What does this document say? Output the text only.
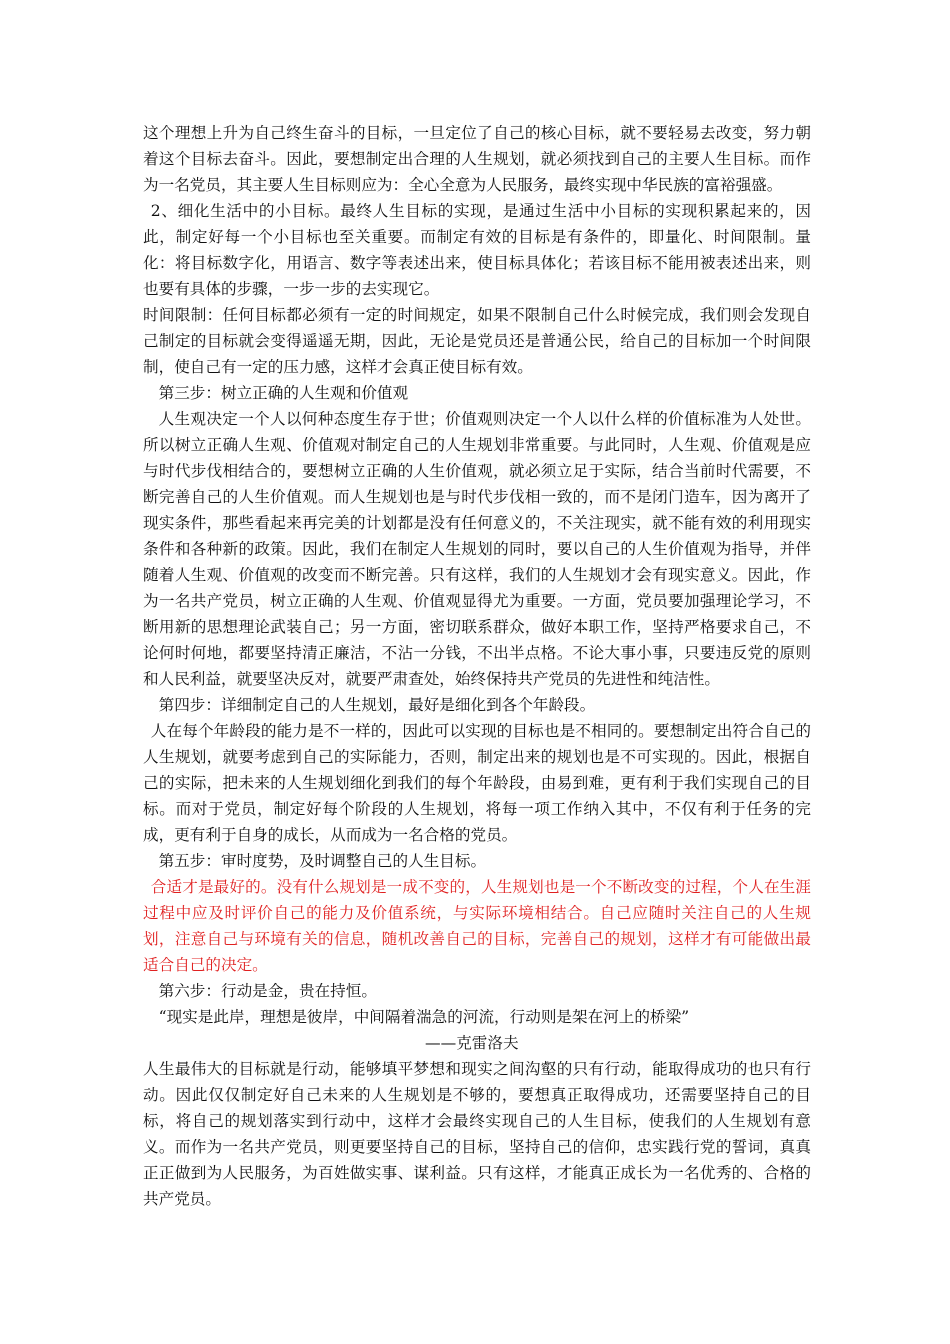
这个理想上升为自己终生奋斗的目标，一旦定位了自己的核心目标，就不要轻易去改变，努力朝着这个目标去奋斗。因此，要想制定出合理的人生规划，就必须找到自己的主要人生目标。而作为一名党员，其主要人生目标则应为：全心全意为人民服务，最终实现中华民族的富裕强盛。

2、细化生活中的小目标。最终人生目标的实现，是通过生活中小目标的实现积累起来的，因此，制定好每一个小目标也至关重要。而制定有效的目标是有条件的，即量化、时间限制。量化：将目标数字化，用语言、数字等表述出来，使目标具体化；若该目标不能用被表述出来，则也要有具体的步骤，一步一步的去实现它。

时间限制：任何目标都必须有一定的时间规定，如果不限制自己什么时候完成，我们则会发现自己制定的目标就会变得遥遥无期，因此，无论是党员还是普通公民，给自己的目标加一个时间限制，使自己有一定的压力感，这样才会真正使目标有效。

第三步：树立正确的人生观和价值观

人生观决定一个人以何种态度生存于世；价值观则决定一个人以什么样的价值标准为人处世。所以树立正确人生观、价值观对制定自己的人生规划非常重要。与此同时，人生观、价值观是应与时代步伐相结合的，要想树立正确的人生价值观，就必须立足于实际，结合当前时代需要，不断完善自己的人生价值观。而人生规划也是与时代步伐相一致的，而不是闭门造车，因为离开了现实条件，那些看起来再完美的计划都是没有任何意义的，不关注现实，就不能有效的利用现实条件和各种新的政策。因此，我们在制定人生规划的同时，要以自己的人生价值观为指导，并伴随着人生观、价值观的改变而不断完善。只有这样，我们的人生规划才会有现实意义。因此，作为一名共产党员，树立正确的人生观、价值观显得尤为重要。一方面，党员要加强理论学习，不断用新的思想理论武装自己；另一方面，密切联系群众，做好本职工作，坚持严格要求自己，不论何时何地，都要坚持清正廉洁，不沾一分钱，不出半点格。不论大事小事，只要违反党的原则和人民利益，就要坚决反对，就要严肃查处，始终保持共产党员的先进性和纯洁性。

第四步：详细制定自己的人生规划，最好是细化到各个年龄段。

人在每个年龄段的能力是不一样的，因此可以实现的目标也是不相同的。要想制定出符合自己的人生规划，就要考虑到自己的实际能力，否则，制定出来的规划也是不可实现的。因此，根据自己的实际，把未来的人生规划细化到我们的每个年龄段，由易到难，更有利于我们实现自己的目标。而对于党员，制定好每个阶段的人生规划，将每一项工作纳入其中，不仅有利于任务的完成，更有利于自身的成长，从而成为一名合格的党员。

第五步：审时度势，及时调整自己的人生目标。

合适才是最好的。没有什么规划是一成不变的，人生规划也是一个不断改变的过程，个人在生涯过程中应及时评价自己的能力及价值系统，与实际环境相结合。自己应随时关注自己的人生规划，注意自己与环境有关的信息，随机改善自己的目标，完善自己的规划，这样才有可能做出最适合自己的决定。

第六步：行动是金，贵在持恒。

“现实是此岸，理想是彼岸，中间隔着湍急的河流，行动则是架在河上的桥梁”

——克雷洛夫

人生最伟大的目标就是行动，能够填平梦想和现实之间沟壑的只有行动，能取得成功的也只有行动。因此仅仅制定好自己未来的人生规划是不够的，要想真正取得成功，还需要坚持自己的目标，将自己的规划落实到行动中，这样才会最终实现自己的人生目标，使我们的人生规划有意义。而作为一名共产党员，则更要坚持自己的目标，坚持自己的信仰，忠实践行党的誓词，真真正正做到为人民服务，为百姓做实事、谋利益。只有这样，才能真正成长为一名优秀的、合格的共产党员。
